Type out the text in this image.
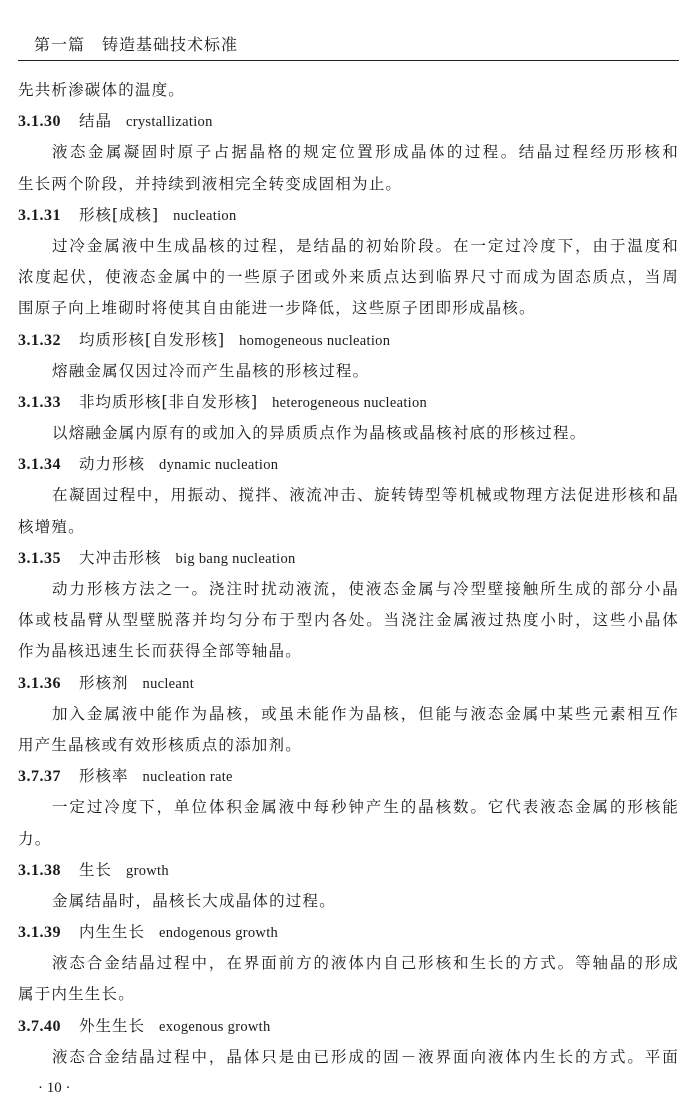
第一篇　铸造基础技术标准
先共析渗碳体的温度。
3.1.30 结晶 crystallization
液态金属凝固时原子占据晶格的规定位置形成晶体的过程。结晶过程经历形核和
生长两个阶段，并持续到液相完全转变成固相为止。
3.1.31 形核[成核] nucleation
过冷金属液中生成晶核的过程，是结晶的初始阶段。在一定过冷度下，由于温度和
浓度起伏，使液态金属中的一些原子团或外来质点达到临界尺寸而成为固态质点，当周
围原子向上堆砌时将使其自由能进一步降低，这些原子团即形成晶核。
3.1.32 均质形核[自发形核] homogeneous nucleation
熔融金属仅因过冷而产生晶核的形核过程。
3.1.33 非均质形核[非自发形核] heterogeneous nucleation
以熔融金属内原有的或加入的异质质点作为晶核或晶核衬底的形核过程。
3.1.34 动力形核 dynamic nucleation
在凝固过程中，用振动、搅拌、液流冲击、旋转铸型等机械或物理方法促进形核和晶
核增殖。
3.1.35 大冲击形核 big bang nucleation
动力形核方法之一。浇注时扰动液流，使液态金属与冷型壁接触所生成的部分小晶
体或枝晶臂从型壁脱落并均匀分布于型内各处。当浇注金属液过热度小时，这些小晶体
作为晶核迅速生长而获得全部等轴晶。
3.1.36 形核剂 nucleant
加入金属液中能作为晶核，或虽未能作为晶核，但能与液态金属中某些元素相互作
用产生晶核或有效形核质点的添加剂。
3.7.37 形核率 nucleation rate
一定过冷度下，单位体积金属液中每秒钟产生的晶核数。它代表液态金属的形核能
力。
3.1.38 生长 growth
金属结晶时，晶核长大成晶体的过程。
3.1.39 内生生长 endogenous growth
液态合金结晶过程中，在界面前方的液体内自己形核和生长的方式。等轴晶的形成
属于内生生长。
3.7.40 外生生长 exogenous growth
液态合金结晶过程中，晶体只是由已形成的固－液界面向液体内生长的方式。平面
· 10 ·
